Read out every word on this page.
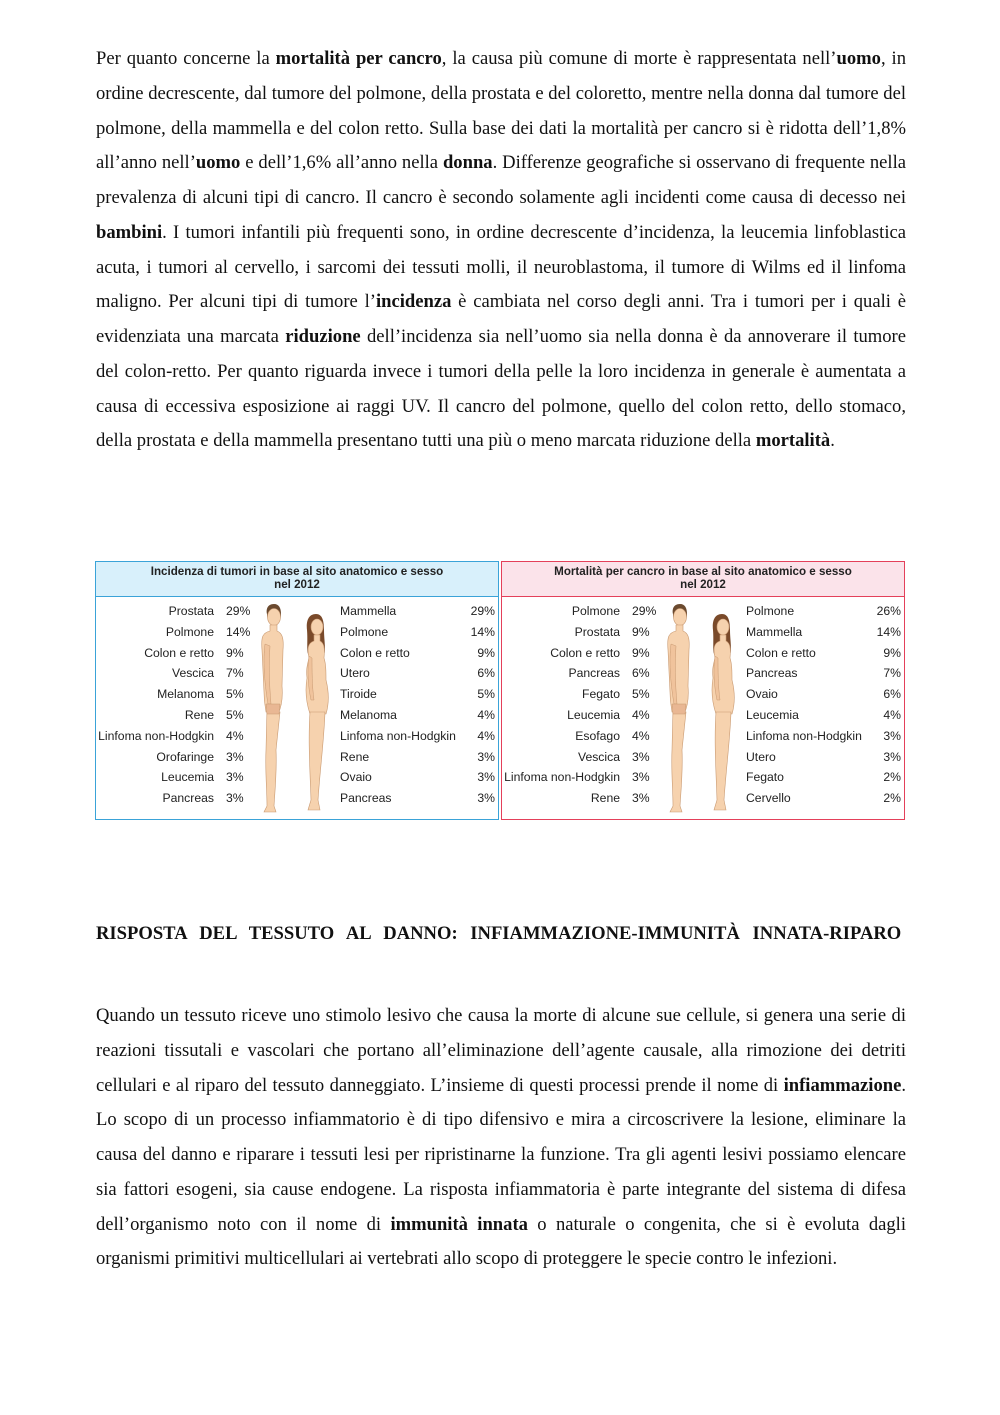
Per quanto concerne la mortalità per cancro, la causa più comune di morte è rappresentata nell’uomo, in ordine decrescente, dal tumore del polmone, della prostata e del coloretto, mentre nella donna dal tumore del polmone, della mammella e del colon retto. Sulla base dei dati la mortalità per cancro si è ridotta dell’1,8% all’anno nell’uomo e dell’1,6% all’anno nella donna. Differenze geografiche si osservano di frequente nella prevalenza di alcuni tipi di cancro. Il cancro è secondo solamente agli incidenti come causa di decesso nei bambini. I tumori infantili più frequenti sono, in ordine decrescente d’incidenza, la leucemia linfoblastica acuta, i tumori al cervello, i sarcomi dei tessuti molli, il neuroblastoma, il tumore di Wilms ed il linfoma maligno. Per alcuni tipi di tumore l’incidenza è cambiata nel corso degli anni. Tra i tumori per i quali è evidenziata una marcata riduzione dell’incidenza sia nell’uomo sia nella donna è da annoverare il tumore del colon-retto. Per quanto riguarda invece i tumori della pelle la loro incidenza in generale è aumentata a causa di eccessiva esposizione ai raggi UV. Il cancro del polmone, quello del colon retto, dello stomaco, della prostata e della mammella presentano tutti una più o meno marcata riduzione della mortalità.

Incidenza di tumori in base al sito anatomico e sesso
nel 2012
Prostata 29%
Polmone 14%
Colon e retto 9%
Vescica 7%
Melanoma 5%
Rene 5%
Linfoma non-Hodgkin 4%
Orofaringe 3%
Leucemia 3%
Pancreas 3%
Mammella	29%
Polmone	14%
Colon e retto	9%
Utero	6%
Tiroide	5%
Melanoma	4%
Linfoma non-Hodgkin 4%
Rene	3%
Ovaio	3%
Pancreas	3%
Mortalità per cancro in base al sito anatomico e sesso
nel 2012
Polmone 29%
Prostata 9%
Colon e retto 9%
Pancreas 6%
Fegato 5%
Leucemia 4%
Esofago 4%
Vescica 3%
Linfoma non-Hodgkin 3%
Rene 3%
Polmone	26%
Mammella	14%
Colon e retto	9%
Pancreas	7%
Ovaio	6%
Leucemia	4%
Linfoma non-Hodgkin 3%
Utero	3%
Fegato	2%
Cervello	2%

RISPOSTA DEL TESSUTO AL DANNO: INFIAMMAZIONE-IMMUNITÀ INNATA-RIPARO

Quando un tessuto riceve uno stimolo lesivo che causa la morte di alcune sue cellule, si genera una serie di reazioni tissutali e vascolari che portano all’eliminazione dell’agente causale, alla rimozione dei detriti cellulari e al riparo del tessuto danneggiato. L’insieme di questi processi prende il nome di infiammazione. Lo scopo di un processo infiammatorio è di tipo difensivo e mira a circoscrivere la lesione, eliminare la causa del danno e riparare i tessuti lesi per ripristinarne la funzione. Tra gli agenti lesivi possiamo elencare sia fattori esogeni, sia cause endogene. La risposta infiammatoria è parte integrante del sistema di difesa dell’organismo noto con il nome di immunità innata o naturale o congenita, che si è evoluta dagli organismi primitivi multicellulari ai vertebrati allo scopo di proteggere le specie contro le infezioni.
